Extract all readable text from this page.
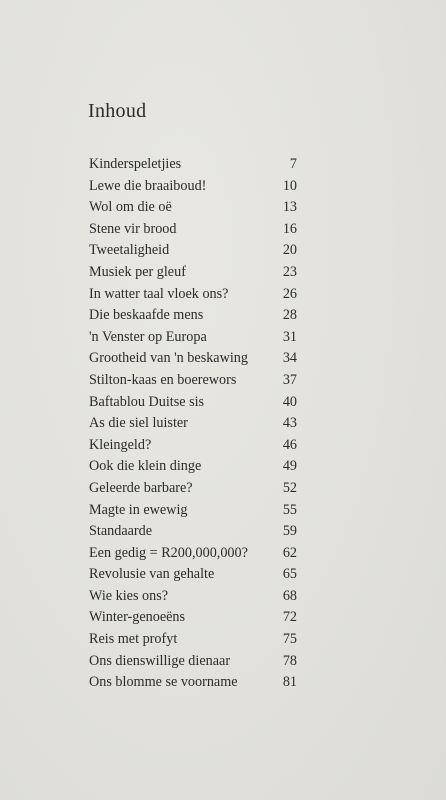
Inhoud
Kinderspeletjies	7
Lewe die braaiboud!	10
Wol om die oë	13
Stene vir brood	16
Tweetaligheid	20
Musiek per gleuf	23
In watter taal vloek ons?	26
Die beskaafde mens	28
'n Venster op Europa	31
Grootheid van 'n beskawing 34
Stilton-kaas en boerewors	37
Baftablou Duitse sis	40
As die siel luister	43
Kleingeld?	46
Ook die klein dinge	49
Geleerde barbare?	52
Magte in ewewig	55
Standaarde	59
Een gedig = R200,000,000? 62
Revolusie van gehalte	65
Wie kies ons?	68
Winter-genoeëns	72
Reis met profyt	75
Ons dienswillige dienaar	78
Ons blomme se voorname	81
